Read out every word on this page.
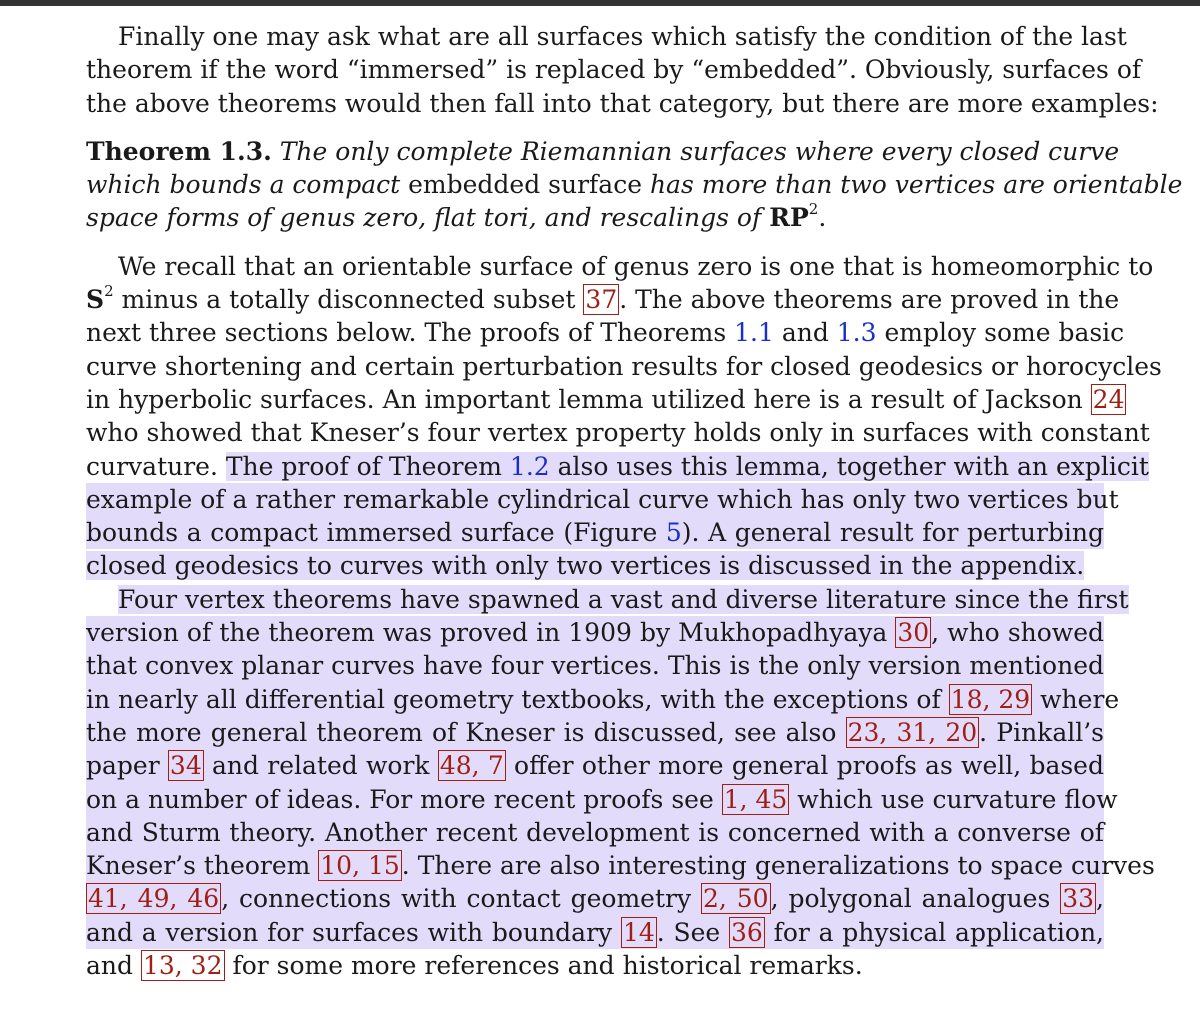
Finally one may ask what are all surfaces which satisfy the condition of the last
theorem if the word “immersed” is replaced by “embedded”. Obviously, surfaces of
the above theorems would then fall into that category, but there are more examples:
Theorem 1.3. The only complete Riemannian surfaces where every closed curve
which bounds a compact embedded surface has more than two vertices are orientable
space forms of genus zero, flat tori, and rescalings of $RP^2$.
We recall that an orientable surface of genus zero is one that is homeomorphic to
$S^2$ minus a totally disconnected subset 37. The above theorems are proved in the
next three sections below. The proofs of Theorems 1.1 and 1.3 employ some basic
curve shortening and certain perturbation results for closed geodesics or horocycles
in hyperbolic surfaces. An important lemma utilized here is a result of Jackson 24
who showed that Kneser’s four vertex property holds only in surfaces with constant
curvature. The proof of Theorem 1.2 also uses this lemma, together with an explicit
example of a rather remarkable cylindrical curve which has only two vertices but
bounds a compact immersed surface (Figure 5). A general result for perturbing
closed geodesics to curves with only two vertices is discussed in the appendix.
Four vertex theorems have spawned a vast and diverse literature since the first
version of the theorem was proved in 1909 by Mukhopadhyaya 30, who showed
that convex planar curves have four vertices. This is the only version mentioned
in nearly all differential geometry textbooks, with the exceptions of 18, 29 where
the more general theorem of Kneser is discussed, see also 23, 31, 20. Pinkall’s
paper 34 and related work 48, 7 offer other more general proofs as well, based
on a number of ideas. For more recent proofs see 1, 45 which use curvature flow
and Sturm theory. Another recent development is concerned with a converse of
Kneser’s theorem 10, 15. There are also interesting generalizations to space curves
41, 49, 46, connections with contact geometry 2, 50, polygonal analogues 33,
and a version for surfaces with boundary 14. See 36 for a physical application,
and 13, 32 for some more references and historical remarks.
